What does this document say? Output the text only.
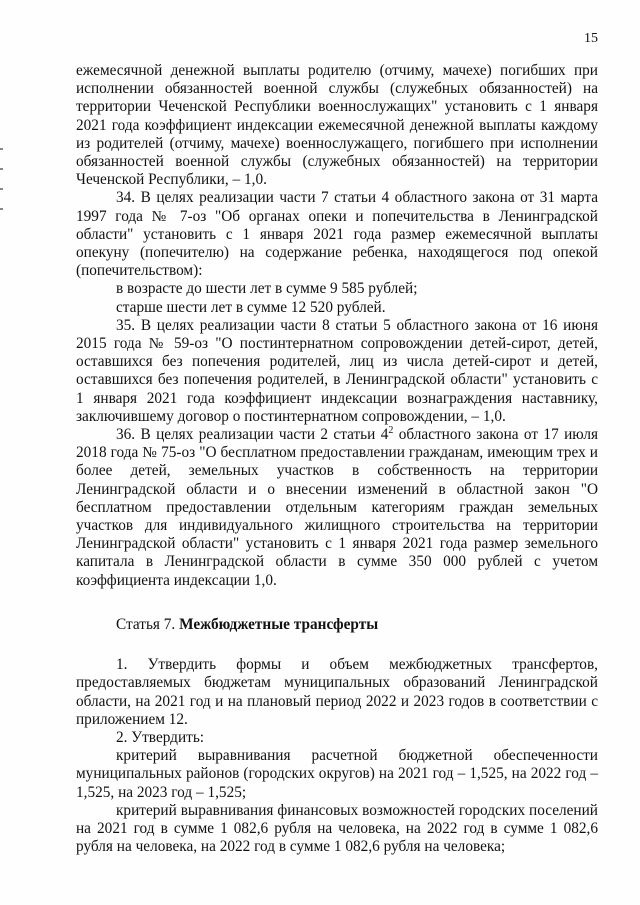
15

ежемесячной денежной выплаты родителю (отчиму, мачехе) погибших при исполнении обязанностей военной службы (служебных обязанностей) на территории Чеченской Республики военнослужащих" установить с 1 января 2021 года коэффициент индексации ежемесячной денежной выплаты каждому из родителей (отчиму, мачехе) военнослужащего, погибшего при исполнении обязанностей военной службы (служебных обязанностей) на территории Чеченской Республики, – 1,0.

34. В целях реализации части 7 статьи 4 областного закона от 31 марта 1997 года № 7-оз "Об органах опеки и попечительства в Ленинградской области" установить с 1 января 2021 года размер ежемесячной выплаты опекуну (попечителю) на содержание ребенка, находящегося под опекой (попечительством):

в возрасте до шести лет в сумме 9 585 рублей;

старше шести лет в сумме 12 520 рублей.

35. В целях реализации части 8 статьи 5 областного закона от 16 июня 2015 года № 59-оз "О постинтернатном сопровождении детей-сирот, детей, оставшихся без попечения родителей, лиц из числа детей-сирот и детей, оставшихся без попечения родителей, в Ленинградской области" установить с 1 января 2021 года коэффициент индексации вознаграждения наставнику, заключившему договор о постинтернатном сопровождении, – 1,0.

36. В целях реализации части 2 статьи $4^2$ областного закона от 17 июля 2018 года № 75-оз "О бесплатном предоставлении гражданам, имеющим трех и более детей, земельных участков в собственность на территории Ленинградской области и о внесении изменений в областной закон "О бесплатном предоставлении отдельным категориям граждан земельных участков для индивидуального жилищного строительства на территории Ленинградской области" установить с 1 января 2021 года размер земельного капитала в Ленинградской области в сумме 350 000 рублей с учетом коэффициента индексации 1,0.

Статья 7. Межбюджетные трансферты

1. Утвердить формы и объем межбюджетных трансфертов, предоставляемых бюджетам муниципальных образований Ленинградской области, на 2021 год и на плановый период 2022 и 2023 годов в соответствии с приложением 12.

2. Утвердить:

критерий выравнивания расчетной бюджетной обеспеченности муниципальных районов (городских округов) на 2021 год – 1,525, на 2022 год – 1,525, на 2023 год – 1,525;

критерий выравнивания финансовых возможностей городских поселений на 2021 год в сумме 1 082,6 рубля на человека, на 2022 год в сумме 1 082,6 рубля на человека, на 2022 год в сумме 1 082,6 рубля на человека;
